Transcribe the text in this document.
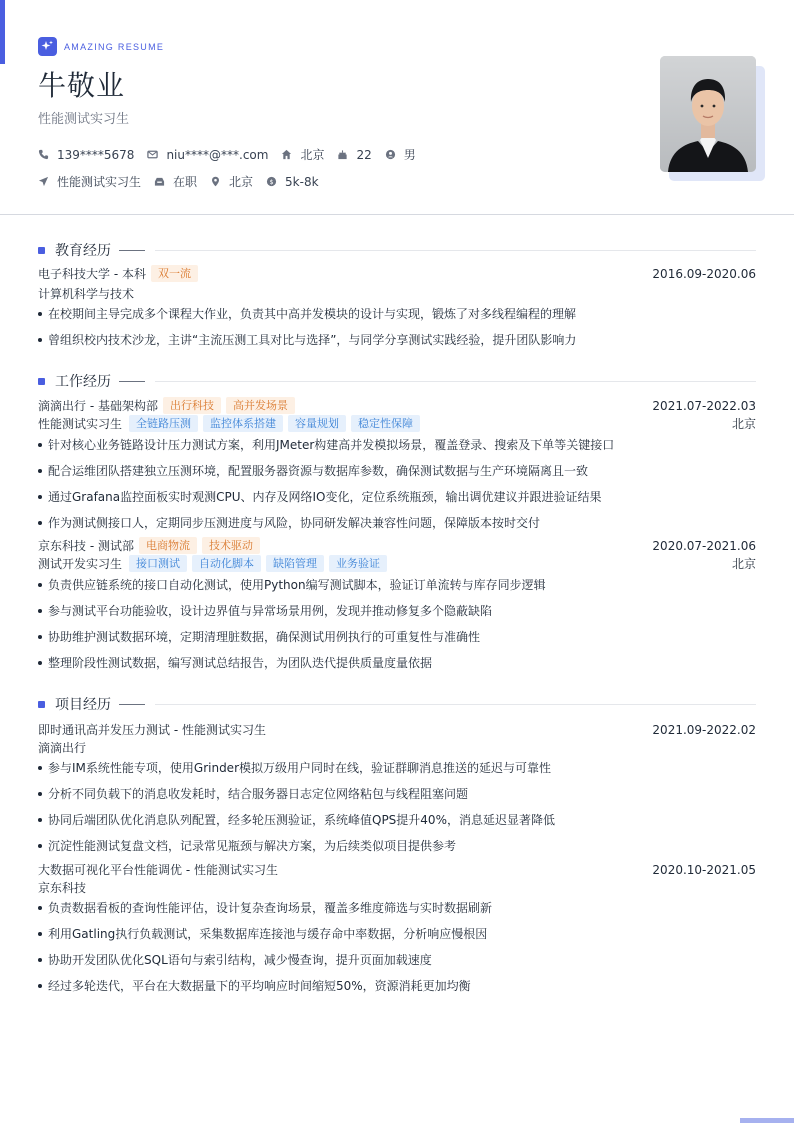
AMAZING RESUME
牛敬业
性能测试实习生
139****5678	niu****@***.com	北京	22	男
性能测试实习生	在职	北京 $ 5k-8k
教育经历
电子科技大学 - 本科	双一流	2016.09-2020.06
计算机科学与技术
在校期间主导完成多个课程大作业，负责其中高并发模块的设计与实现，锻炼了对多线程编程的理解
曾组织校内技术沙龙，主讲“主流压测工具对比与选择”，与同学分享测试实践经验，提升团队影响力
工作经历
滴滴出行 - 基础架构部	出行科技	高并发场景	2021.07-2022.03
性能测试实习生	全链路压测	监控体系搭建	容量规划	稳定性保障	北京
针对核心业务链路设计压力测试方案，利用JMeter构建高并发模拟场景，覆盖登录、搜索及下单等关键接口
配合运维团队搭建独立压测环境，配置服务器资源与数据库参数，确保测试数据与生产环境隔离且一致
通过Grafana监控面板实时观测CPU、内存及网络IO变化，定位系统瓶颈，输出调优建议并跟进验证结果
作为测试侧接口人，定期同步压测进度与风险，协同研发解决兼容性问题，保障版本按时交付
京东科技 - 测试部	电商物流	技术驱动	2020.07-2021.06
测试开发实习生	接口测试	自动化脚本	缺陷管理	业务验证	北京
负责供应链系统的接口自动化测试，使用Python编写测试脚本，验证订单流转与库存同步逻辑
参与测试平台功能验收，设计边界值与异常场景用例，发现并推动修复多个隐蔽缺陷
协助维护测试数据环境，定期清理脏数据，确保测试用例执行的可重复性与准确性
整理阶段性测试数据，编写测试总结报告，为团队迭代提供质量度量依据
项目经历
即时通讯高并发压力测试 - 性能测试实习生	2021.09-2022.02
滴滴出行
参与IM系统性能专项，使用Grinder模拟万级用户同时在线，验证群聊消息推送的延迟与可靠性
分析不同负载下的消息收发耗时，结合服务器日志定位网络粘包与线程阻塞问题
协同后端团队优化消息队列配置，经多轮压测验证，系统峰值QPS提升40%，消息延迟显著降低
沉淀性能测试复盘文档，记录常见瓶颈与解决方案，为后续类似项目提供参考
大数据可视化平台性能调优 - 性能测试实习生	2020.10-2021.05
京东科技
负责数据看板的查询性能评估，设计复杂查询场景，覆盖多维度筛选与实时数据刷新
利用Gatling执行负载测试，采集数据库连接池与缓存命中率数据，分析响应慢根因
协助开发团队优化SQL语句与索引结构，减少慢查询，提升页面加载速度
经过多轮迭代，平台在大数据量下的平均响应时间缩短50%，资源消耗更加均衡
